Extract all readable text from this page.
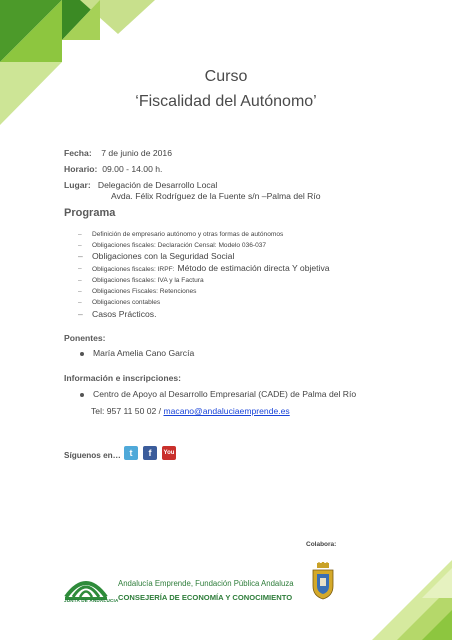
Curso
‘Fiscalidad del Autónomo’
Fecha: 7 de junio de 2016
Horario: 09.00 - 14.00 h.
Lugar: Delegación de Desarrollo Local
Avda. Félix Rodríguez de la Fuente s/n –Palma del Río
Programa
– Definición de empresario autónomo y otras formas de autónomos
– Obligaciones fiscales: Declaración Censal: Modelo 036-037
– Obligaciones con la Seguridad Social
– Obligaciones fiscales: IRPF: Método de estimación directa Y objetiva
– Obligaciones fiscales: IVA y la Factura
– Obligaciones Fiscales: Retenciones
– Obligaciones contables
– Casos Prácticos.
Ponentes:
María Amelia Cano García
Información e inscripciones:
Centro de Apoyo al Desarrollo Empresarial (CADE) de Palma del Río
Tel: 957 11 50 02 / macano@andaluciaemprende.es
Síguenos en… t	f	You
Colabora:
JUNTA DE ANDALUCIA
Andalucía Emprende, Fundación Pública Andaluza
CONSEJERÍA DE ECONOMÍA Y CONOCIMIENTO
